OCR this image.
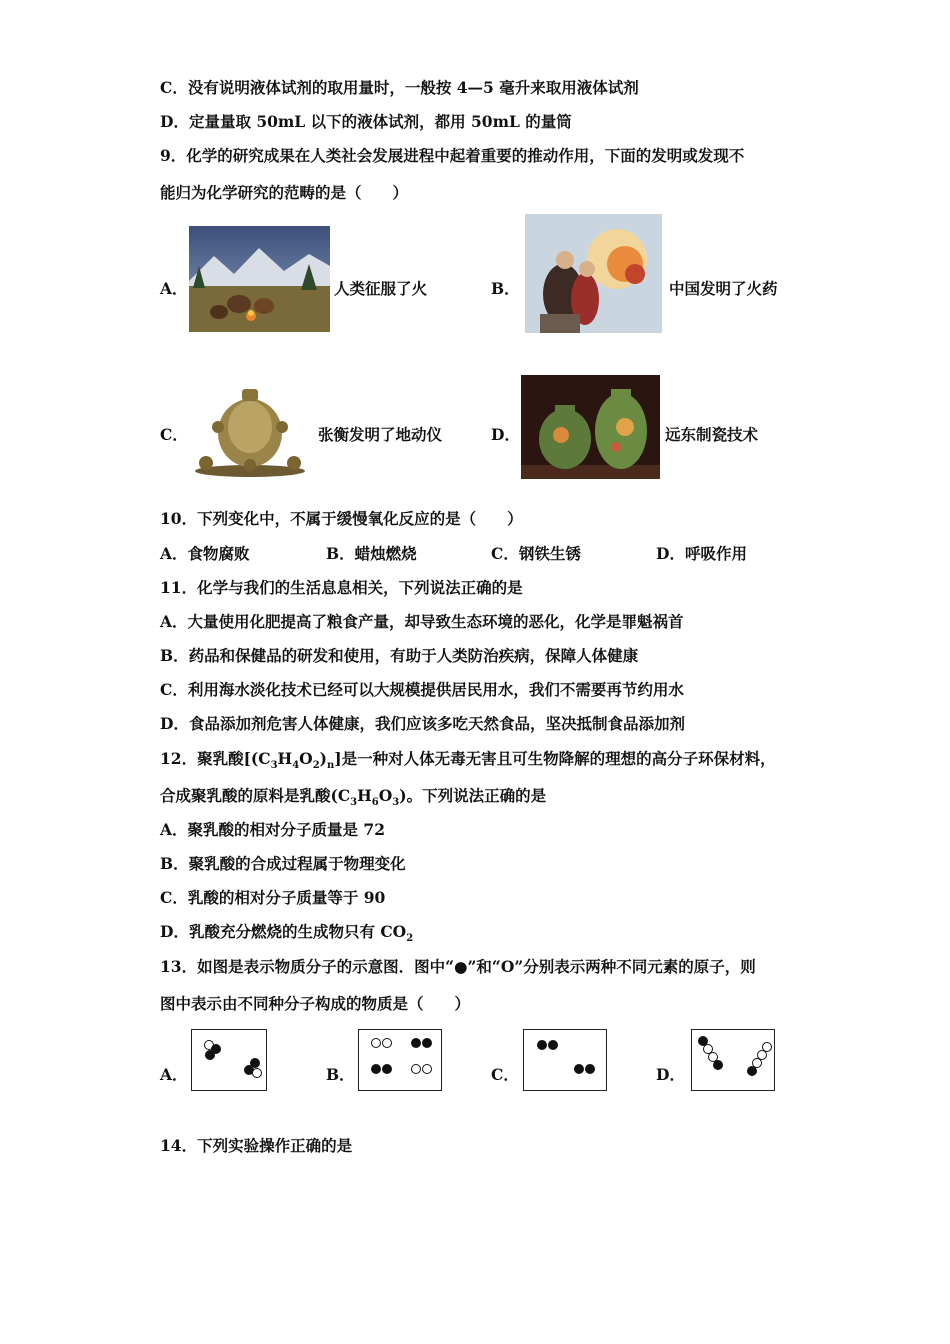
C．没有说明液体试剂的取用量时，一般按 4—5 毫升来取用液体试剂
D．定量量取 50mL 以下的液体试剂，都用 50mL 的量筒
9．化学的研究成果在人类社会发展进程中起着重要的推动作用，下面的发明或发现不
能归为化学研究的范畴的是（　　）
A．	人类征服了火	B．	中国发明了火药
C．	张衡发明了地动仪	D．	远东制瓷技术
10．下列变化中，不属于缓慢氧化反应的是（　　）
A．食物腐败	B．蜡烛燃烧	C．钢铁生锈	D．呼吸作用
11．化学与我们的生活息息相关，下列说法正确的是
A．大量使用化肥提高了粮食产量，却导致生态环境的恶化，化学是罪魁祸首
B．药品和保健品的研发和使用，有助于人类防治疾病，保障人体健康
C．利用海水淡化技术已经可以大规模提供居民用水，我们不需要再节约用水
D．食品添加剂危害人体健康，我们应该多吃天然食品，坚决抵制食品添加剂
12．聚乳酸$[(C_3H_4O_2)_n]$是一种对人体无毒无害且可生物降解的理想的高分子环保材料，
合成聚乳酸的原料是乳酸$(C_3H_6O_3)$。下列说法正确的是
A．聚乳酸的相对分子质量是 72
B．聚乳酸的合成过程属于物理变化
C．乳酸的相对分子质量等于 90
D．乳酸充分燃烧的生成物只有 $CO_2$
13．如图是表示物质分子的示意图．图中“●”和“O”分别表示两种不同元素的原子，则
图中表示由不同种分子构成的物质是（　　）
A．	B．	C．	D．
14．下列实验操作正确的是
